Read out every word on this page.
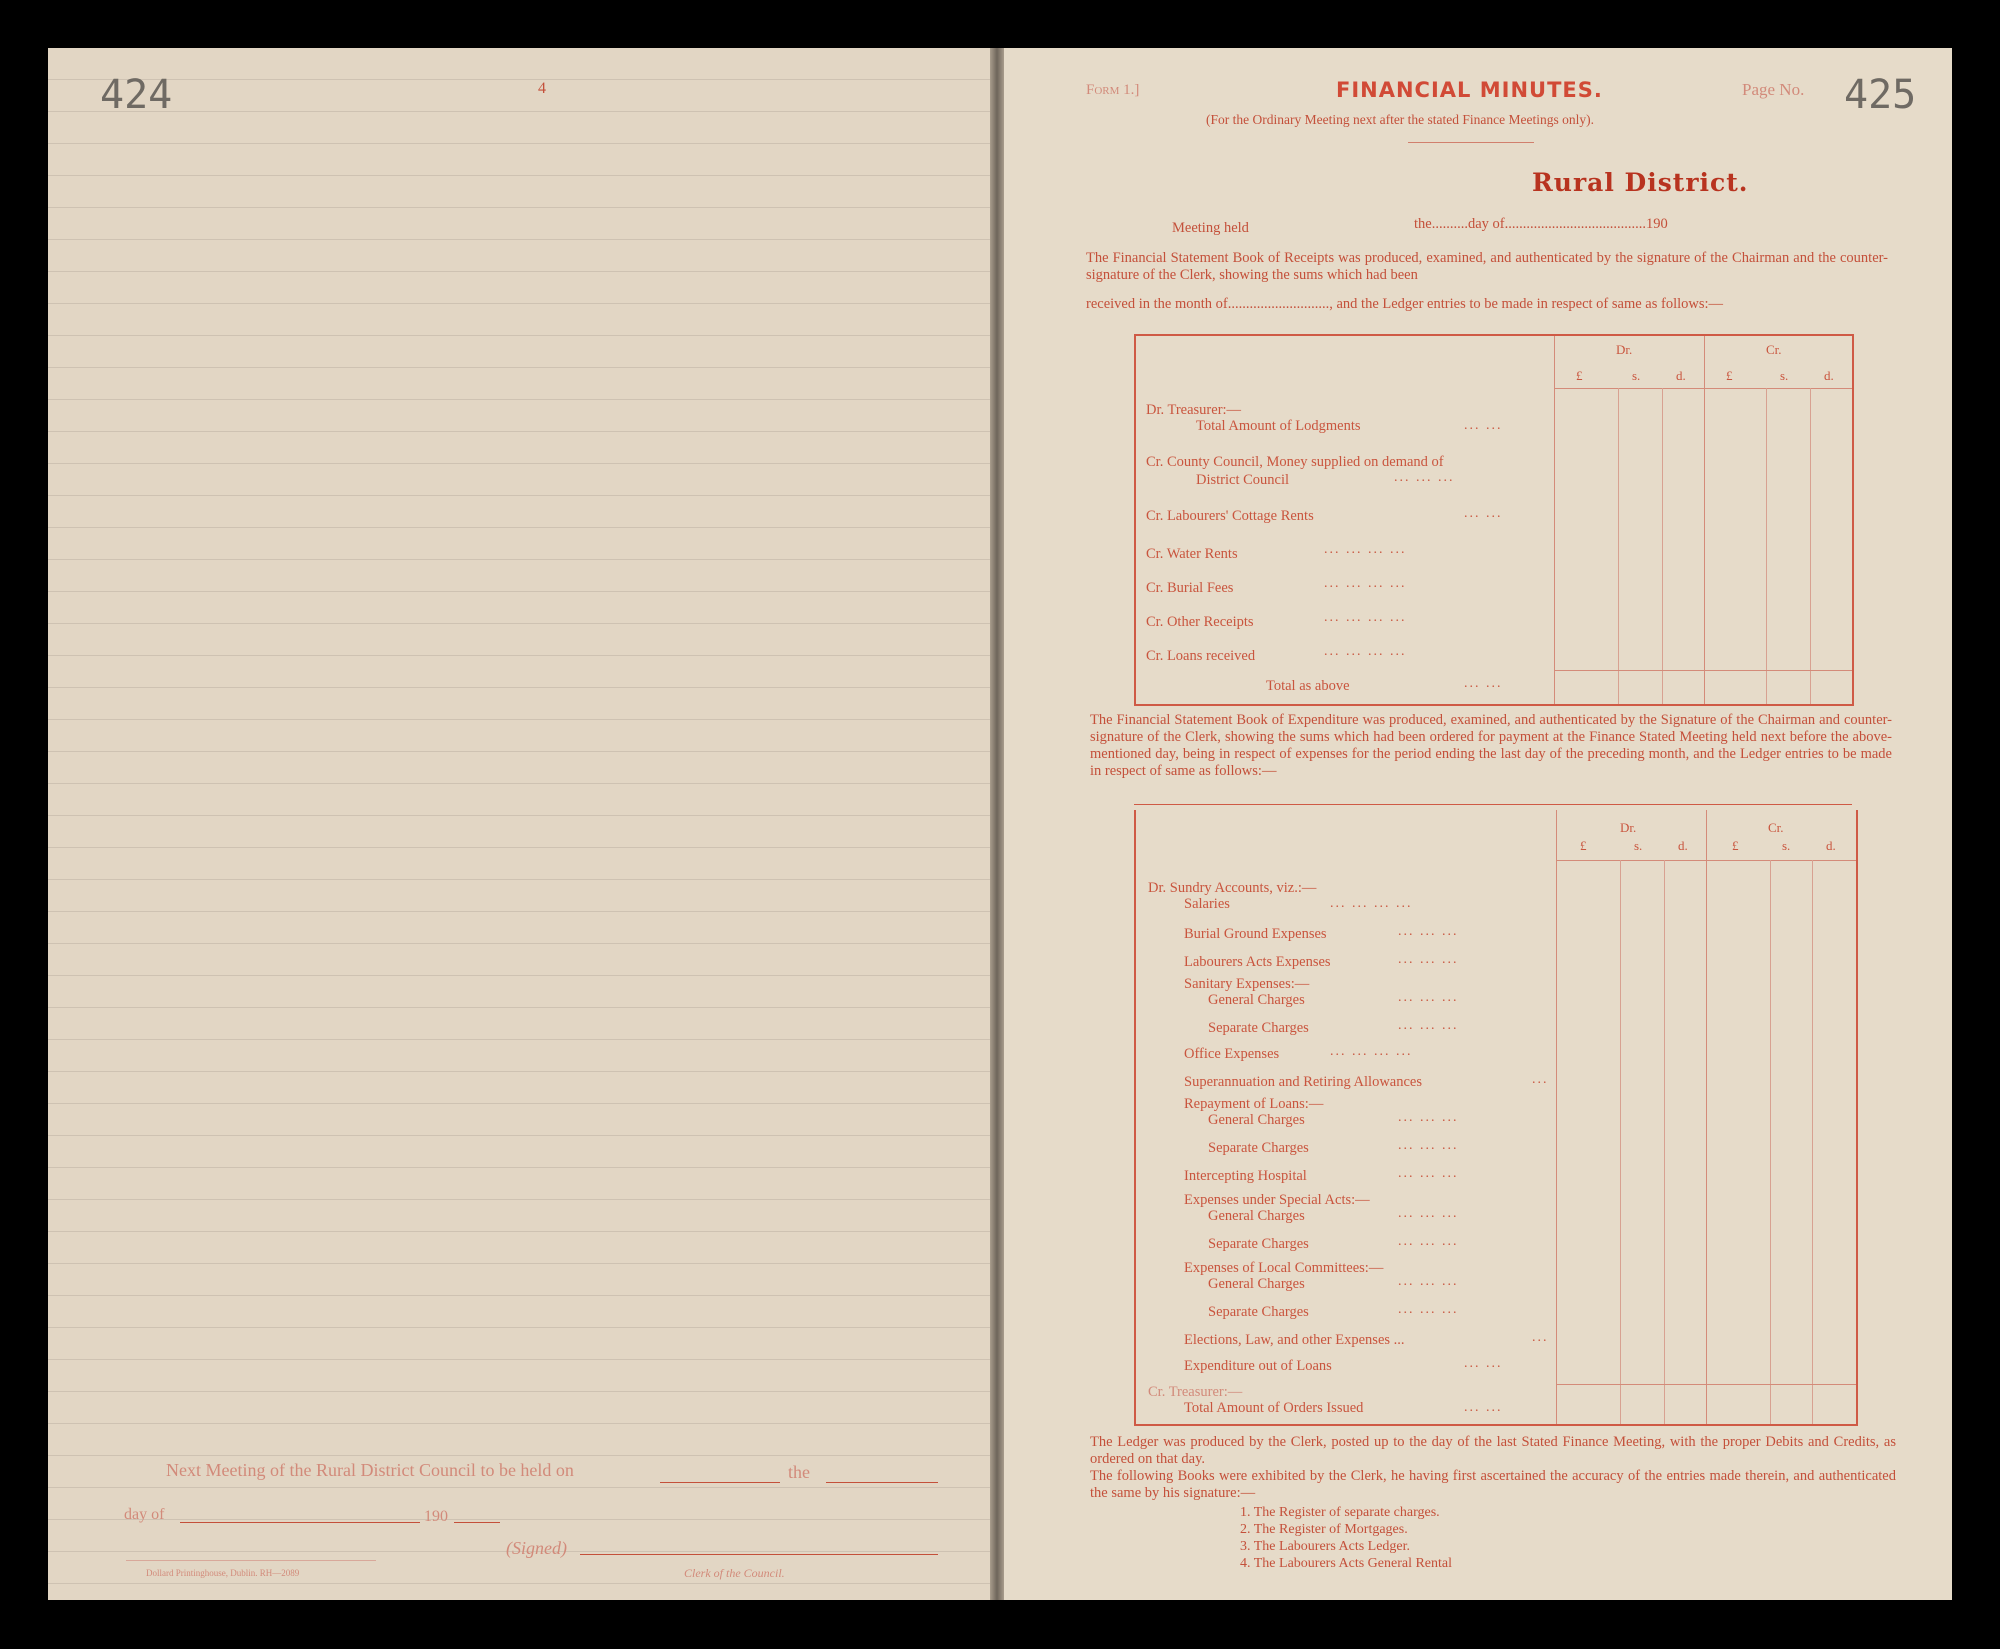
424	4
Next Meeting of the Rural District Council to be held on	the
day of	190
(Signed)
Dollard Printinghouse, Dublin. RH—2089	Clerk of the Council.
Form 1.]	FINANCIAL MINUTES.	Page No. 425
(For the Ordinary Meeting next after the stated Finance Meetings only).
Rural District.
Meeting held	the..........day of.......................................190
The Financial Statement Book of Receipts was produced, examined, and authenticated by the signature of the Chairman and the counter-signature of the Clerk, showing the sums which had been
received in the month of............................, and the Ledger entries to be made in respect of same as follows:—
Dr.	Cr.
£	s.	d.	£	s.	d.
Dr. Treasurer:—
Total Amount of Lodgments	... ...
Cr. County Council, Money supplied on demand of
District Council	... ... ...
Cr. Labourers' Cottage Rents	... ...
Cr. Water Rents	... ... ... ...
Cr. Burial Fees	... ... ... ...
Cr. Other Receipts	... ... ... ...
Cr. Loans received	... ... ... ...
Total as above	... ...
The Financial Statement Book of Expenditure was produced, examined, and authenticated by the Signature of the Chairman and counter-signature of the Clerk, showing the sums which had been ordered for payment at the Finance Stated Meeting held next before the above-mentioned day, being in respect of expenses for the period ending the last day of the preceding month, and the Ledger entries to be made in respect of same as follows:—
Dr.	Cr.
£	s.	d.	£	s.	d.
Dr. Sundry Accounts, viz.:—
Salaries	... ... ... ...
Burial Ground Expenses	... ... ...
Labourers Acts Expenses	... ... ...
Sanitary Expenses:—
General Charges	... ... ...
Separate Charges	... ... ...
Office Expenses	... ... ... ...
Superannuation and Retiring Allowances	...
Repayment of Loans:—
General Charges	... ... ...
Separate Charges	... ... ...
Intercepting Hospital	... ... ...
Expenses under Special Acts:—
General Charges	... ... ...
Separate Charges	... ... ...
Expenses of Local Committees:—
General Charges	... ... ...
Separate Charges	... ... ...
Elections, Law, and other Expenses ...	...
Expenditure out of Loans	... ...
Cr. Treasurer:—
Total Amount of Orders Issued	... ...
The Ledger was produced by the Clerk, posted up to the day of the last Stated Finance Meeting, with the proper Debits and Credits, as ordered on that day.
The following Books were exhibited by the Clerk, he having first ascertained the accuracy of the entries made therein, and authenticated the same by his signature:—
1. The Register of separate charges.
2. The Register of Mortgages.
3. The Labourers Acts Ledger.
4. The Labourers Acts General Rental
